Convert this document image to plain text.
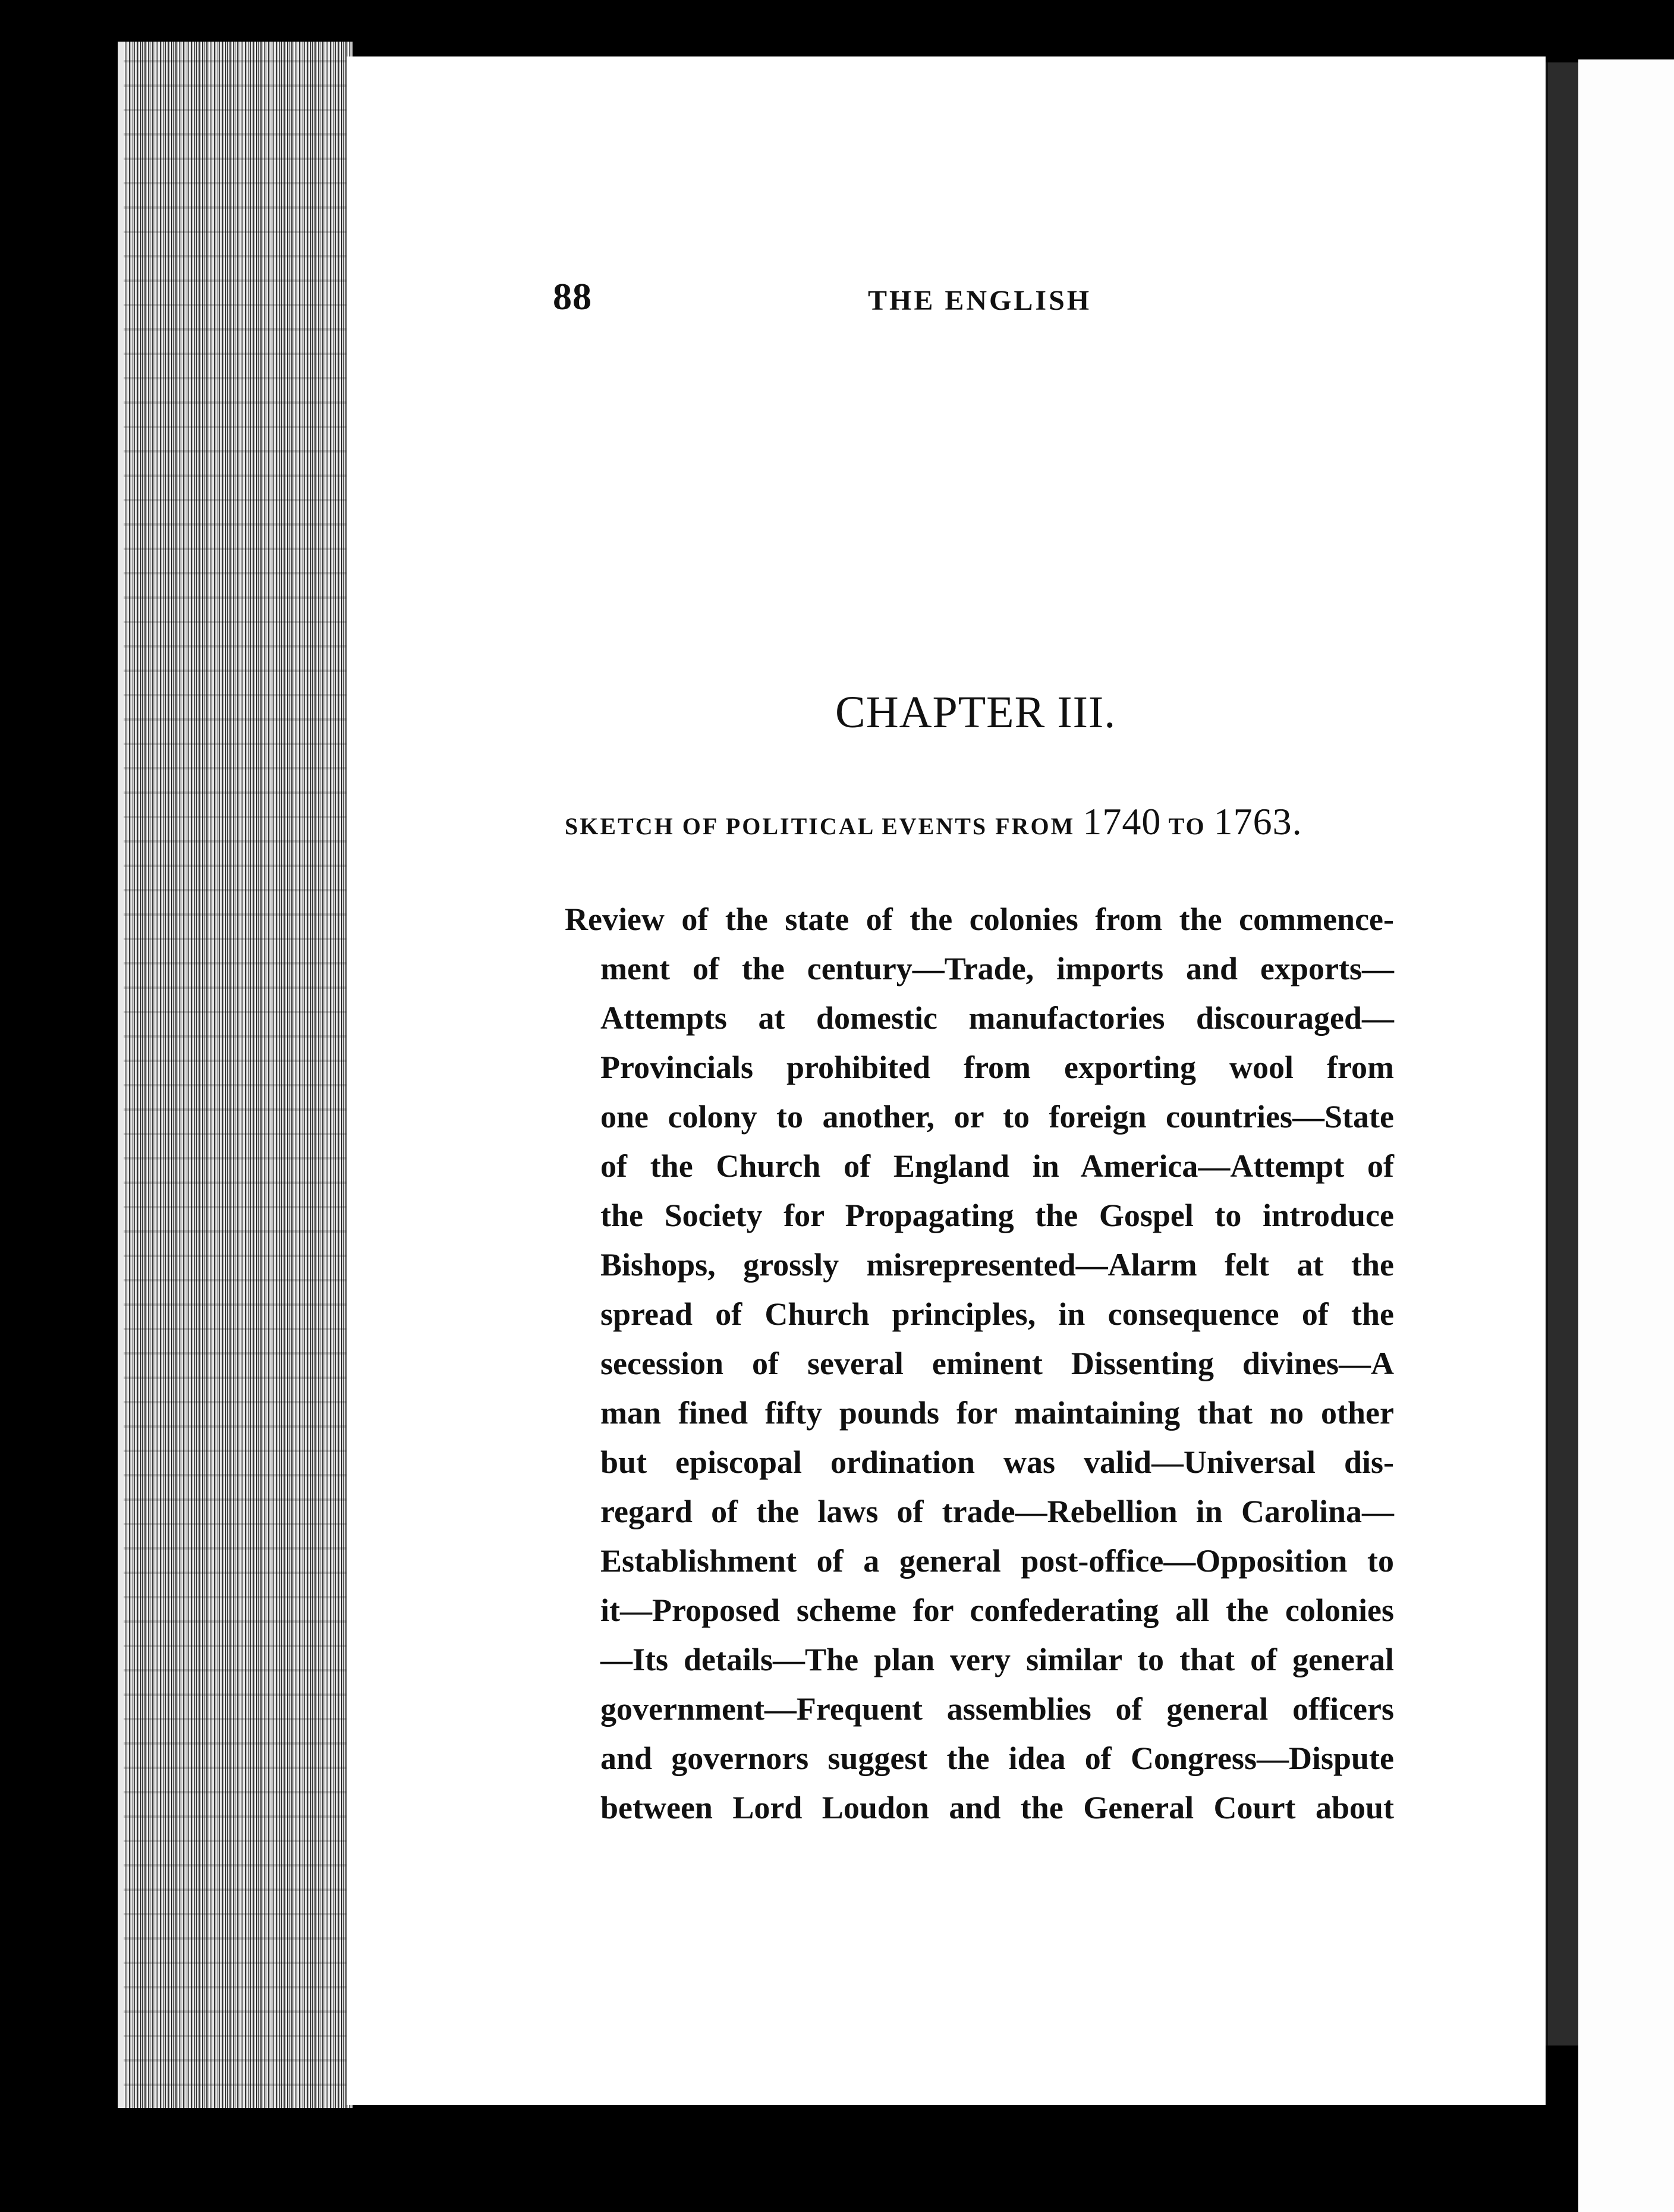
88	THE ENGLISH
CHAPTER III.
SKETCH OF POLITICAL EVENTS FROM 1740 TO 1763.
Review of the state of the colonies from the commence-
ment of the century—Trade, imports and exports—
Attempts at domestic manufactories discouraged—
Provincials prohibited from exporting wool from
one colony to another, or to foreign countries—State
of the Church of England in America—Attempt of
the Society for Propagating the Gospel to introduce
Bishops, grossly misrepresented—Alarm felt at the
spread of Church principles, in consequence of the
secession of several eminent Dissenting divines—A
man fined fifty pounds for maintaining that no other
but episcopal ordination was valid—Universal dis-
regard of the laws of trade—Rebellion in Carolina—
Establishment of a general post-office—Opposition to
it—Proposed scheme for confederating all the colonies
—Its details—The plan very similar to that of general
government—Frequent assemblies of general officers
and governors suggest the idea of Congress—Dispute
between Lord Loudon and the General Court about
